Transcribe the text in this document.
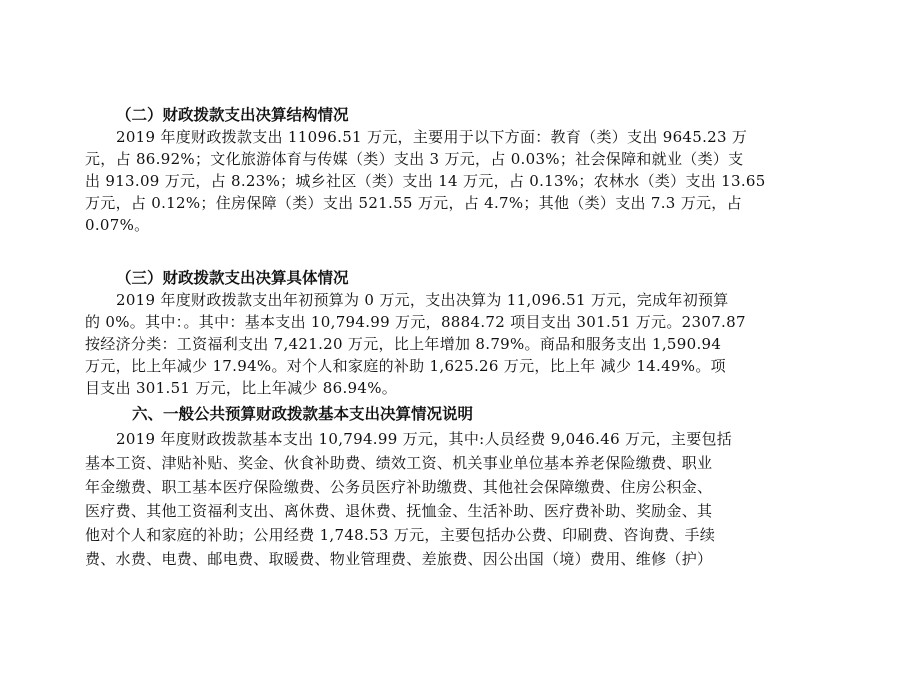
（二）财政拨款支出决算结构情况
2019 年度财政拨款支出 11096.51 万元，主要用于以下方面：教育（类）支出 9645.23 万
元，占 86.92%；文化旅游体育与传媒（类）支出 3 万元，占 0.03%；社会保障和就业（类）支
出 913.09 万元，占 8.23%；城乡社区（类）支出 14 万元，占 0.13%；农林水（类）支出 13.65
万元，占 0.12%；住房保障（类）支出 521.55 万元，占 4.7%；其他（类）支出 7.3 万元，占
0.07%。
（三）财政拨款支出决算具体情况
2019 年度财政拨款支出年初预算为 0 万元，支出决算为 11,096.51 万元，完成年初预算
的 0%。其中：。其中：基本支出 10,794.99 万元，8884.72 项目支出 301.51 万元。2307.87
按经济分类：工资福利支出 7,421.20 万元，比上年增加 8.79%。商品和服务支出 1,590.94
万元，比上年减少 17.94%。对个人和家庭的补助 1,625.26 万元，比上年 减少 14.49%。项
目支出 301.51 万元，比上年减少 86.94%。
六、一般公共预算财政拨款基本支出决算情况说明
2019 年度财政拨款基本支出 10,794.99 万元，其中:人员经费 9,046.46 万元，主要包括
基本工资、津贴补贴、奖金、伙食补助费、绩效工资、机关事业单位基本养老保险缴费、职业
年金缴费、职工基本医疗保险缴费、公务员医疗补助缴费、其他社会保障缴费、住房公积金、
医疗费、其他工资福利支出、离休费、退休费、抚恤金、生活补助、医疗费补助、奖励金、其
他对个人和家庭的补助；公用经费 1,748.53 万元，主要包括办公费、印刷费、咨询费、手续
费、水费、电费、邮电费、取暖费、物业管理费、差旅费、因公出国（境）费用、维修（护）
